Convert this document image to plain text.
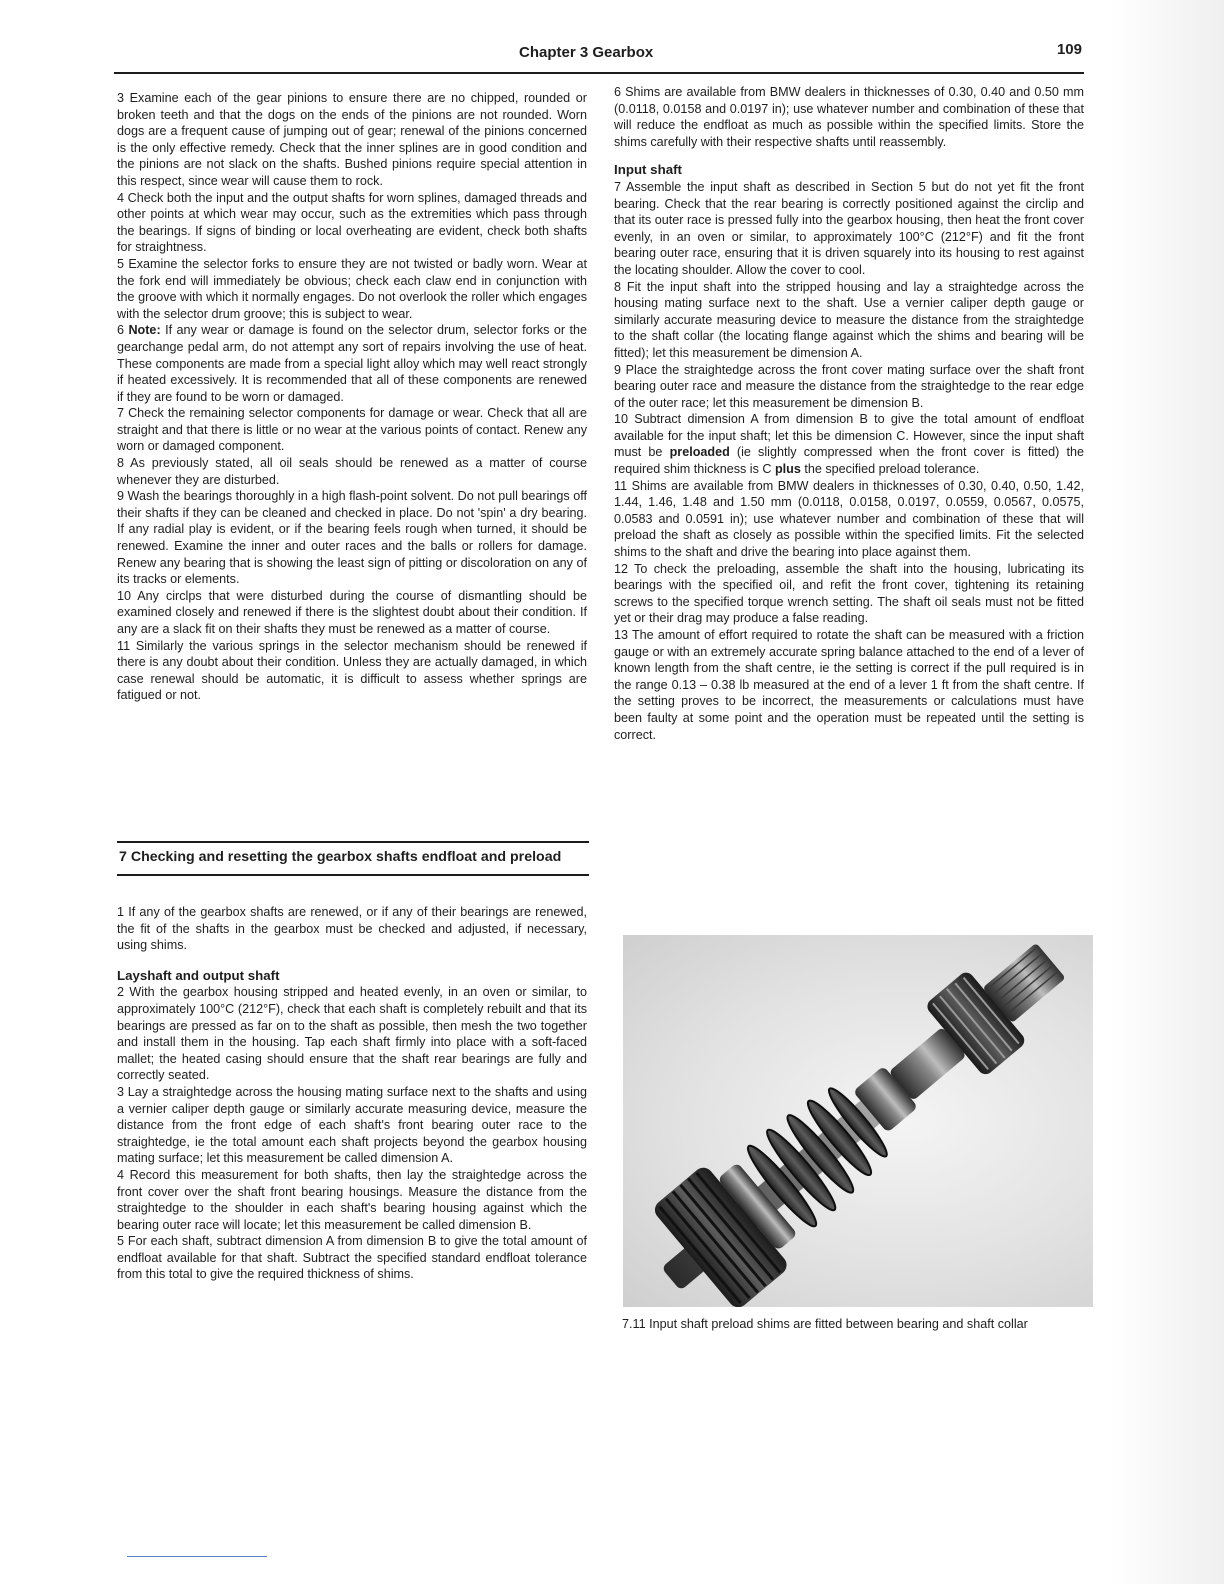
Chapter 3 Gearbox	109

3 Examine each of the gear pinions to ensure there are no chipped, rounded or broken teeth and that the dogs on the ends of the pinions are not rounded. Worn dogs are a frequent cause of jumping out of gear; renewal of the pinions concerned is the only effective remedy. Check that the inner splines are in good condition and the pinions are not slack on the shafts. Bushed pinions require special attention in this respect, since wear will cause them to rock.

4 Check both the input and the output shafts for worn splines, damaged threads and other points at which wear may occur, such as the extremities which pass through the bearings. If signs of binding or local overheating are evident, check both shafts for straightness.

5 Examine the selector forks to ensure they are not twisted or badly worn. Wear at the fork end will immediately be obvious; check each claw end in conjunction with the groove with which it normally engages. Do not overlook the roller which engages with the selector drum groove; this is subject to wear.

6 Note: If any wear or damage is found on the selector drum, selector forks or the gearchange pedal arm, do not attempt any sort of repairs involving the use of heat. These components are made from a special light alloy which may well react strongly if heated excessively. It is recommended that all of these components are renewed if they are found to be worn or damaged.

7 Check the remaining selector components for damage or wear. Check that all are straight and that there is little or no wear at the various points of contact. Renew any worn or damaged component.

8 As previously stated, all oil seals should be renewed as a matter of course whenever they are disturbed.

9 Wash the bearings thoroughly in a high flash-point solvent. Do not pull bearings off their shafts if they can be cleaned and checked in place. Do not 'spin' a dry bearing. If any radial play is evident, or if the bearing feels rough when turned, it should be renewed. Examine the inner and outer races and the balls or rollers for damage. Renew any bearing that is showing the least sign of pitting or discoloration on any of its tracks or elements.

10 Any circlps that were disturbed during the course of dismantling should be examined closely and renewed if there is the slightest doubt about their condition. If any are a slack fit on their shafts they must be renewed as a matter of course.

11 Similarly the various springs in the selector mechanism should be renewed if there is any doubt about their condition. Unless they are actually damaged, in which case renewal should be automatic, it is difficult to assess whether springs are fatigued or not.

7 Checking and resetting the gearbox shafts endfloat and preload

1 If any of the gearbox shafts are renewed, or if any of their bearings are renewed, the fit of the shafts in the gearbox must be checked and adjusted, if necessary, using shims.

Layshaft and output shaft

2 With the gearbox housing stripped and heated evenly, in an oven or similar, to approximately 100°C (212°F), check that each shaft is completely rebuilt and that its bearings are pressed as far on to the shaft as possible, then mesh the two together and install them in the housing. Tap each shaft firmly into place with a soft-faced mallet; the heated casing should ensure that the shaft rear bearings are fully and correctly seated.

3 Lay a straightedge across the housing mating surface next to the shafts and using a vernier caliper depth gauge or similarly accurate measuring device, measure the distance from the front edge of each shaft's front bearing outer race to the straightedge, ie the total amount each shaft projects beyond the gearbox housing mating surface; let this measurement be called dimension A.

4 Record this measurement for both shafts, then lay the straightedge across the front cover over the shaft front bearing housings. Measure the distance from the straightedge to the shoulder in each shaft's bearing housing against which the bearing outer race will locate; let this measurement be called dimension B.

5 For each shaft, subtract dimension A from dimension B to give the total amount of endfloat available for that shaft. Subtract the specified standard endfloat tolerance from this total to give the required thickness of shims.

6 Shims are available from BMW dealers in thicknesses of 0.30, 0.40 and 0.50 mm (0.0118, 0.0158 and 0.0197 in); use whatever number and combination of these that will reduce the endfloat as much as possible within the specified limits. Store the shims carefully with their respective shafts until reassembly.

Input shaft

7 Assemble the input shaft as described in Section 5 but do not yet fit the front bearing. Check that the rear bearing is correctly positioned against the circlip and that its outer race is pressed fully into the gearbox housing, then heat the front cover evenly, in an oven or similar, to approximately 100°C (212°F) and fit the front bearing outer race, ensuring that it is driven squarely into its housing to rest against the locating shoulder. Allow the cover to cool.

8 Fit the input shaft into the stripped housing and lay a straightedge across the housing mating surface next to the shaft. Use a vernier caliper depth gauge or similarly accurate measuring device to measure the distance from the straightedge to the shaft collar (the locating flange against which the shims and bearing will be fitted); let this measurement be dimension A.

9 Place the straightedge across the front cover mating surface over the shaft front bearing outer race and measure the distance from the straightedge to the rear edge of the outer race; let this measurement be dimension B.

10 Subtract dimension A from dimension B to give the total amount of endfloat available for the input shaft; let this be dimension C. However, since the input shaft must be preloaded (ie slightly compressed when the front cover is fitted) the required shim thickness is C plus the specified preload tolerance.

11 Shims are available from BMW dealers in thicknesses of 0.30, 0.40, 0.50, 1.42, 1.44, 1.46, 1.48 and 1.50 mm (0.0118, 0.0158, 0.0197, 0.0559, 0.0567, 0.0575, 0.0583 and 0.0591 in); use whatever number and combination of these that will preload the shaft as closely as possible within the specified limits. Fit the selected shims to the shaft and drive the bearing into place against them.

12 To check the preloading, assemble the shaft into the housing, lubricating its bearings with the specified oil, and refit the front cover, tightening its retaining screws to the specified torque wrench setting. The shaft oil seals must not be fitted yet or their drag may produce a false reading.

13 The amount of effort required to rotate the shaft can be measured with a friction gauge or with an extremely accurate spring balance attached to the end of a lever of known length from the shaft centre, ie the setting is correct if the pull required is in the range 0.13 – 0.38 lb measured at the end of a lever 1 ft from the shaft centre. If the setting proves to be incorrect, the measurements or calculations must have been faulty at some point and the operation must be repeated until the setting is correct.

7.11 Input shaft preload shims are fitted between bearing and shaft collar
